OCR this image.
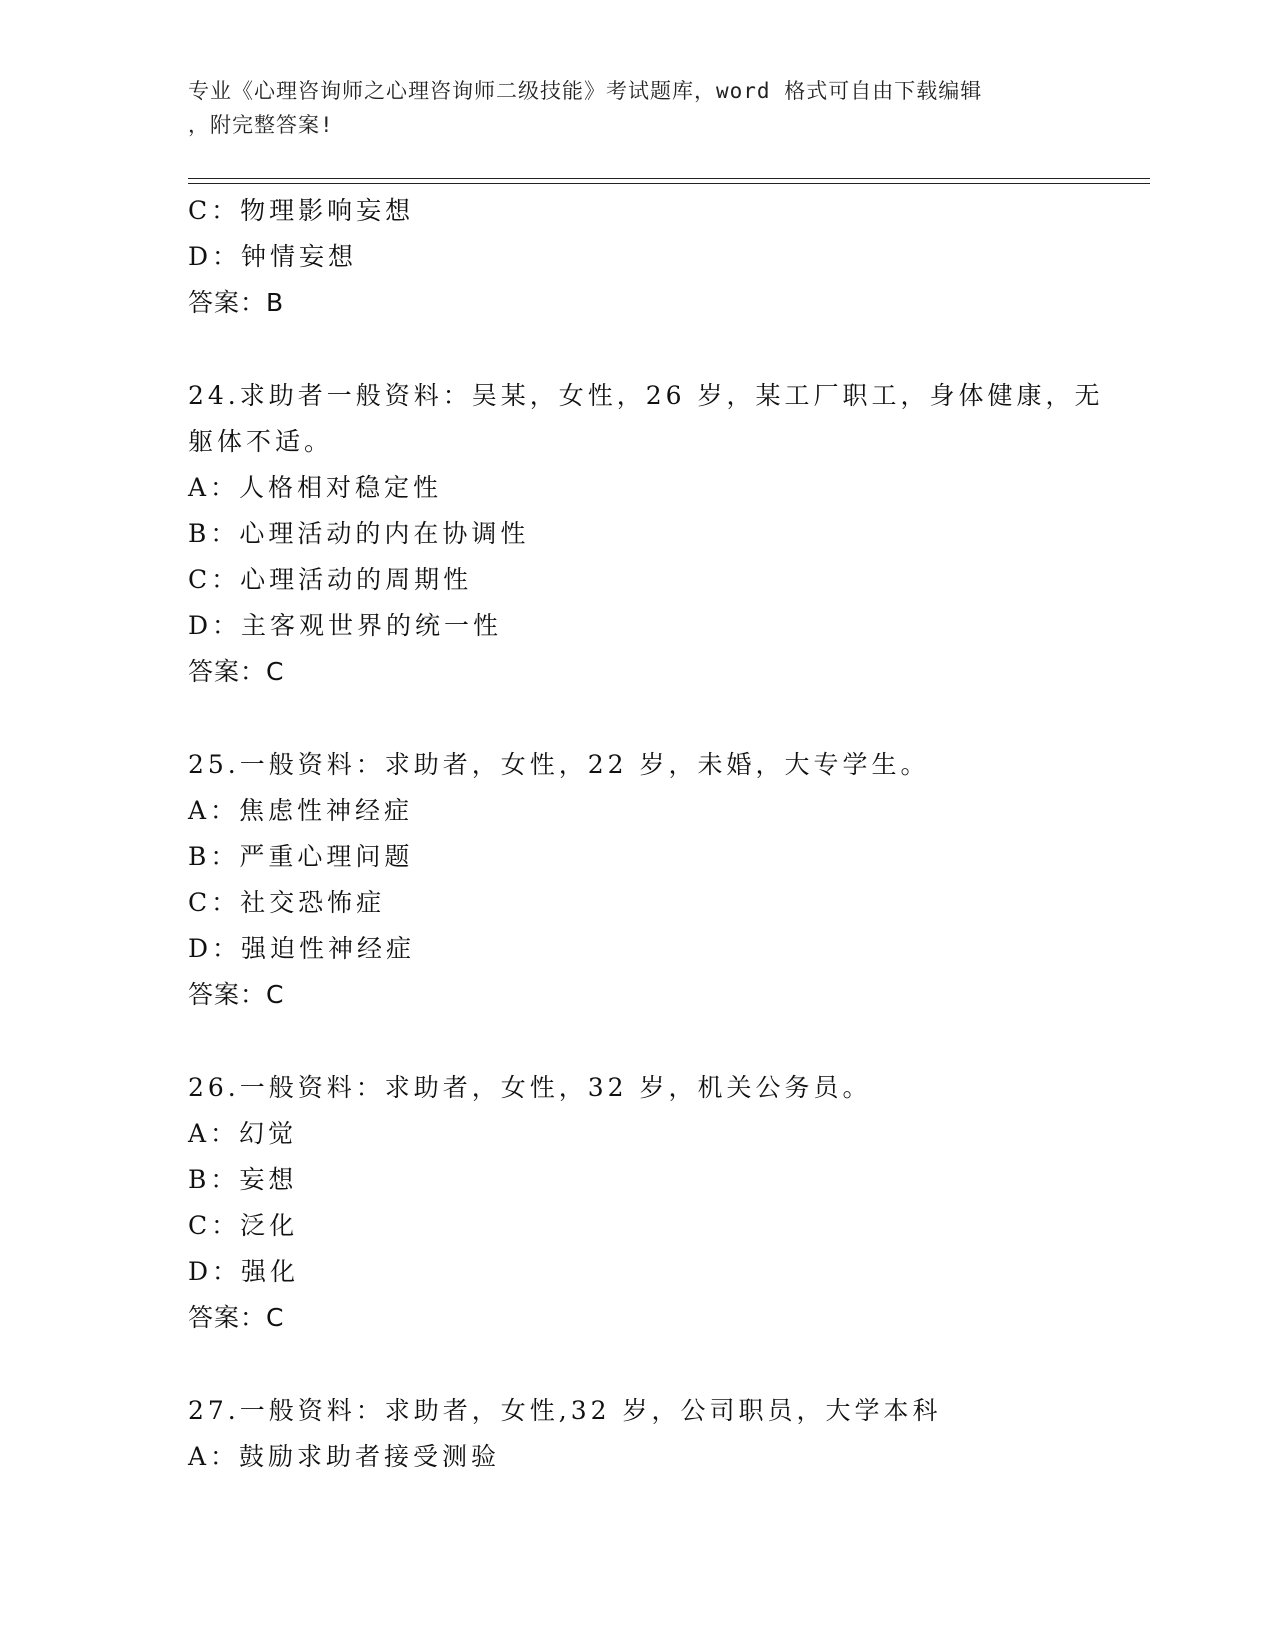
专业《心理咨询师之心理咨询师二级技能》考试题库，word 格式可自由下载编辑
，附完整答案!
C：物理影响妄想
D：钟情妄想
答案：B
24.求助者一般资料：吴某，女性，26 岁，某工厂职工，身体健康，无
躯体不适。
A：人格相对稳定性
B：心理活动的内在协调性
C：心理活动的周期性
D：主客观世界的统一性
答案：C
25.一般资料：求助者，女性，22 岁，未婚，大专学生。
A：焦虑性神经症
B：严重心理问题
C：社交恐怖症
D：强迫性神经症
答案：C
26.一般资料：求助者，女性，32 岁，机关公务员。
A：幻觉
B：妄想
C：泛化
D：强化
答案：C
27.一般资料：求助者，女性,32 岁，公司职员，大学本科
A：鼓励求助者接受测验
